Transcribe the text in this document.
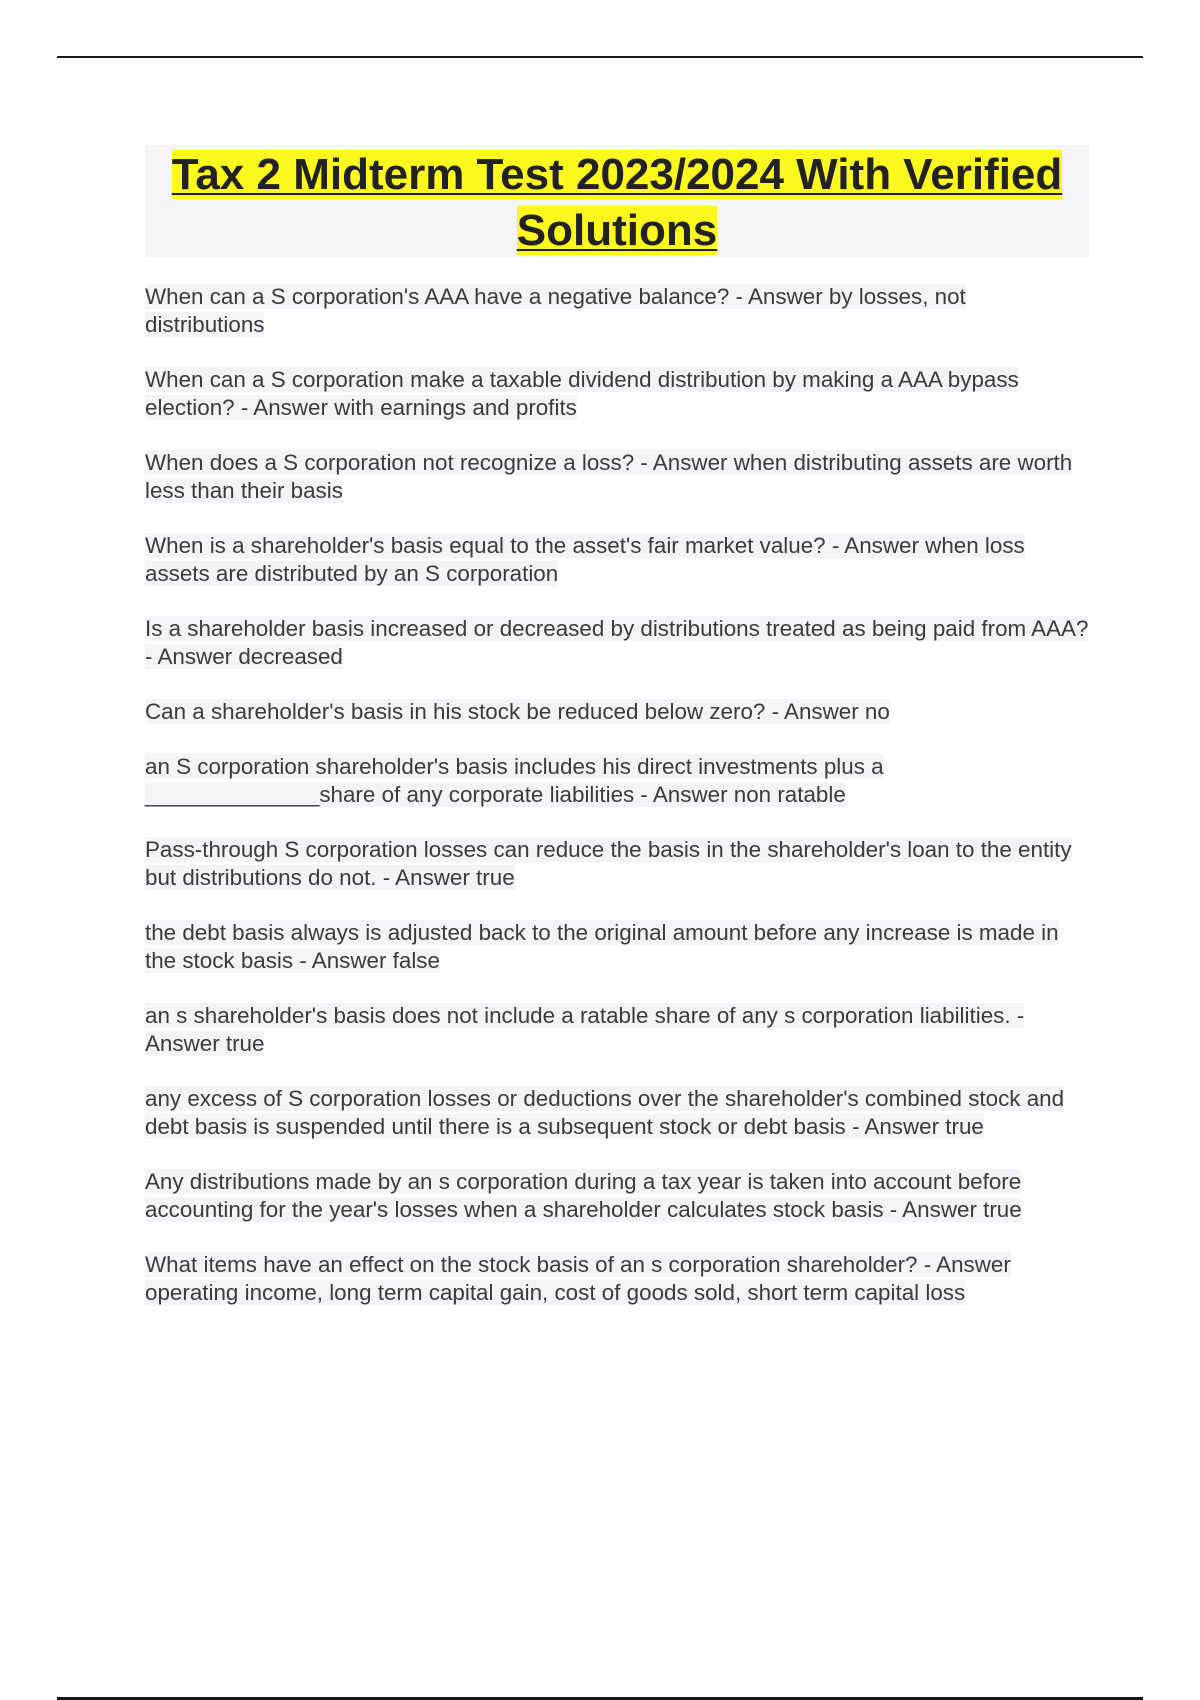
Tax 2 Midterm Test 2023/2024 With Verified Solutions

When can a S corporation's AAA have a negative balance? - Answer by losses, not distributions

When can a S corporation make a taxable dividend distribution by making a AAA bypass election? - Answer with earnings and profits

When does a S corporation not recognize a loss? - Answer when distributing assets are worth less than their basis

When is a shareholder's basis equal to the asset's fair market value? - Answer when loss assets are distributed by an S corporation

Is a shareholder basis increased or decreased by distributions treated as being paid from AAA? - Answer decreased

Can a shareholder's basis in his stock be reduced below zero? - Answer no

an S corporation shareholder's basis includes his direct investments plus a ______________share of any corporate liabilities - Answer non ratable

Pass-through S corporation losses can reduce the basis in the shareholder's loan to the entity but distributions do not. - Answer true

the debt basis always is adjusted back to the original amount before any increase is made in the stock basis - Answer false

an s shareholder's basis does not include a ratable share of any s corporation liabilities. - Answer true

any excess of S corporation losses or deductions over the shareholder's combined stock and debt basis is suspended until there is a subsequent stock or debt basis - Answer true

Any distributions made by an s corporation during a tax year is taken into account before accounting for the year's losses when a shareholder calculates stock basis - Answer true

What items have an effect on the stock basis of an s corporation shareholder? - Answer operating income, long term capital gain, cost of goods sold, short term capital loss
